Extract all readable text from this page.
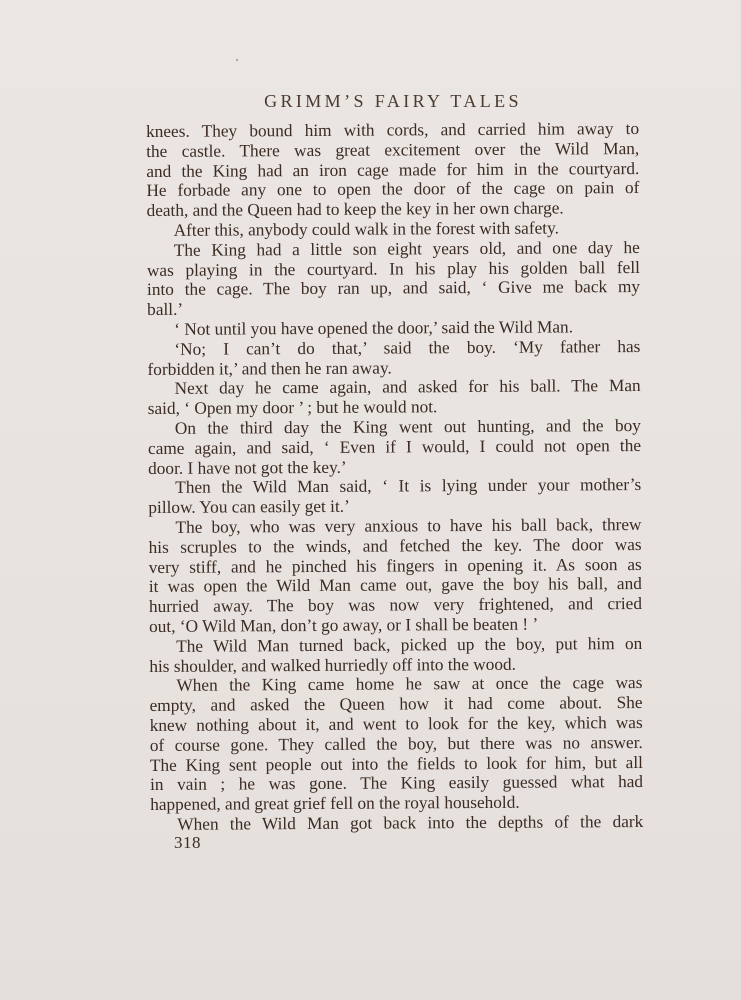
GRIMM’S FAIRY TALES
knees. They bound him with cords, and carried him away to
the castle. There was great excitement over the Wild Man,
and the King had an iron cage made for him in the courtyard.
He forbade any one to open the door of the cage on pain of
death, and the Queen had to keep the key in her own charge.
After this, anybody could walk in the forest with safety.
The King had a little son eight years old, and one day he
was playing in the courtyard. In his play his golden ball fell
into the cage. The boy ran up, and said, ‘ Give me back my
ball.’
‘ Not until you have opened the door,’ said the Wild Man.
‘No; I can’t do that,’ said the boy. ‘My father has
forbidden it,’ and then he ran away.
Next day he came again, and asked for his ball. The Man
said, ‘ Open my door ’ ; but he would not.
On the third day the King went out hunting, and the boy
came again, and said, ‘ Even if I would, I could not open the
door. I have not got the key.’
Then the Wild Man said, ‘ It is lying under your mother’s
pillow. You can easily get it.’
The boy, who was very anxious to have his ball back, threw
his scruples to the winds, and fetched the key. The door was
very stiff, and he pinched his fingers in opening it. As soon as
it was open the Wild Man came out, gave the boy his ball, and
hurried away. The boy was now very frightened, and cried
out, ‘O Wild Man, don’t go away, or I shall be beaten ! ’
The Wild Man turned back, picked up the boy, put him on
his shoulder, and walked hurriedly off into the wood.
When the King came home he saw at once the cage was
empty, and asked the Queen how it had come about. She
knew nothing about it, and went to look for the key, which was
of course gone. They called the boy, but there was no answer.
The King sent people out into the fields to look for him, but all
in vain ; he was gone. The King easily guessed what had
happened, and great grief fell on the royal household.
When the Wild Man got back into the depths of the dark
318
